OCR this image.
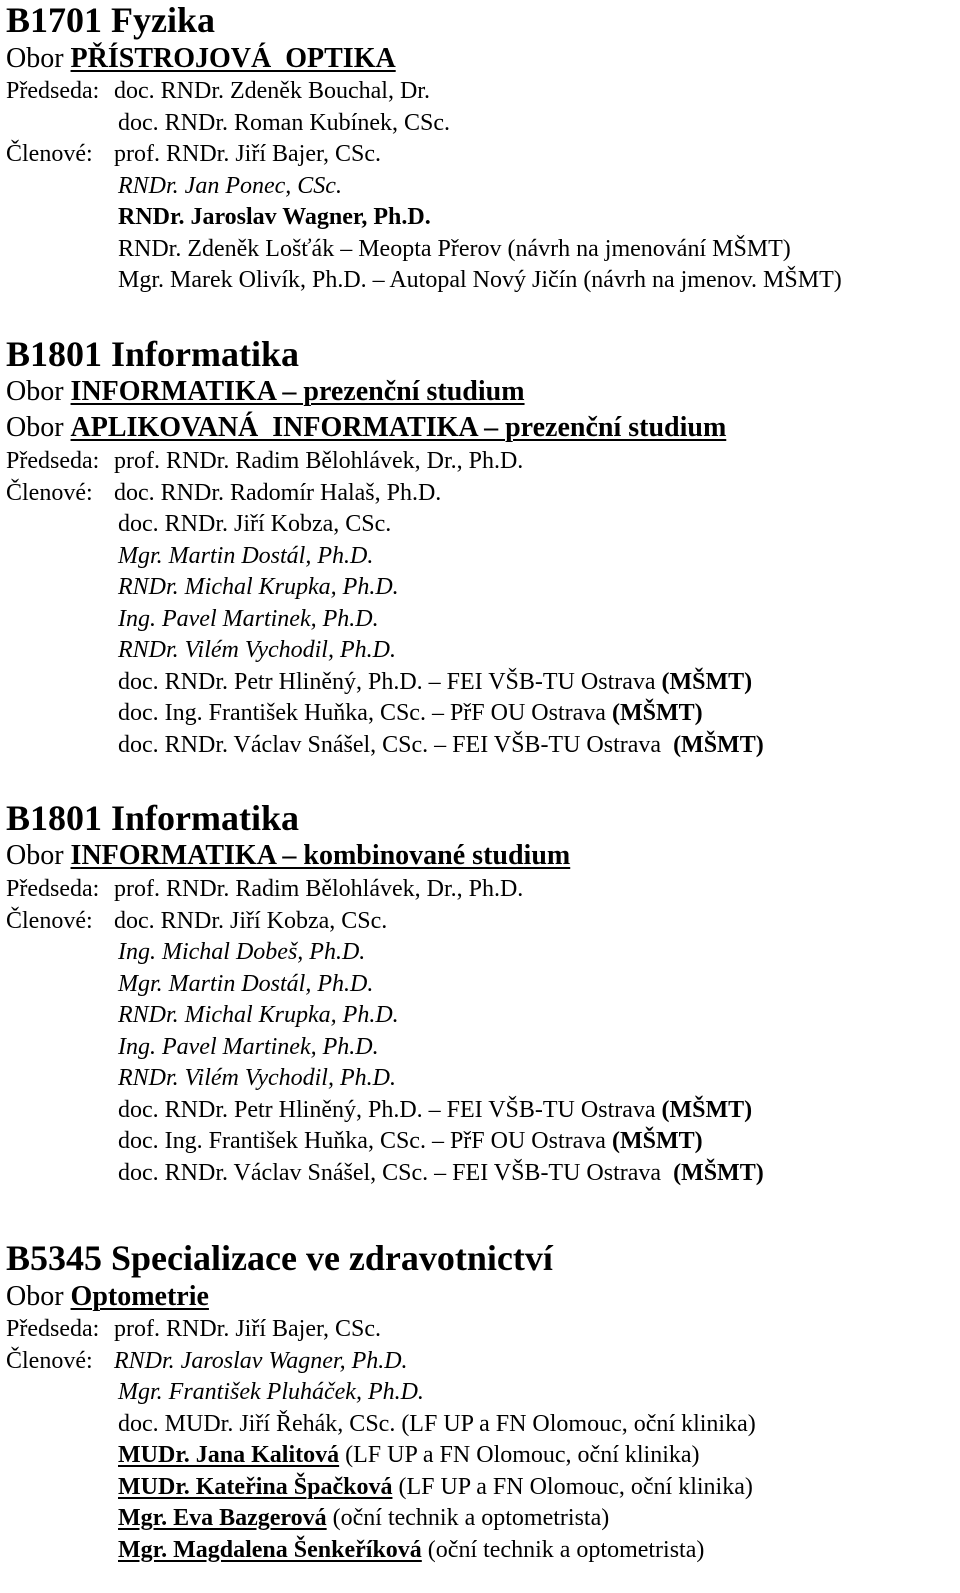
B1701 Fyzika
Obor PŘÍSTROJOVÁ  OPTIKA
Předseda: doc. RNDr. Zdeněk Bouchal, Dr.
doc. RNDr. Roman Kubínek, CSc.
Členové: prof. RNDr. Jiří Bajer, CSc.
RNDr. Jan Ponec, CSc.
RNDr. Jaroslav Wagner, Ph.D.
RNDr. Zdeněk Lošťák – Meopta Přerov (návrh na jmenování MŠMT)
Mgr. Marek Olivík, Ph.D. – Autopal Nový Jičín (návrh na jmenov. MŠMT)
B1801 Informatika
Obor INFORMATIKA – prezenční studium
Obor APLIKOVANÁ  INFORMATIKA – prezenční studium
Předseda: prof. RNDr. Radim Bělohlávek, Dr., Ph.D.
Členové: doc. RNDr. Radomír Halaš, Ph.D.
doc. RNDr. Jiří Kobza, CSc.
Mgr. Martin Dostál, Ph.D.
RNDr. Michal Krupka, Ph.D.
Ing. Pavel Martinek, Ph.D.
RNDr. Vilém Vychodil, Ph.D.
doc. RNDr. Petr Hliněný, Ph.D. – FEI VŠB-TU Ostrava (MŠMT)
doc. Ing. František Huňka, CSc. – PřF OU Ostrava (MŠMT)
doc. RNDr. Václav Snášel, CSc. – FEI VŠB-TU Ostrava  (MŠMT)
B1801 Informatika
Obor INFORMATIKA – kombinované studium
Předseda: prof. RNDr. Radim Bělohlávek, Dr., Ph.D.
Členové: doc. RNDr. Jiří Kobza, CSc.
Ing. Michal Dobeš, Ph.D.
Mgr. Martin Dostál, Ph.D.
RNDr. Michal Krupka, Ph.D.
Ing. Pavel Martinek, Ph.D.
RNDr. Vilém Vychodil, Ph.D.
doc. RNDr. Petr Hliněný, Ph.D. – FEI VŠB-TU Ostrava (MŠMT)
doc. Ing. František Huňka, CSc. – PřF OU Ostrava (MŠMT)
doc. RNDr. Václav Snášel, CSc. – FEI VŠB-TU Ostrava  (MŠMT)
B5345 Specializace ve zdravotnictví
Obor Optometrie
Předseda: prof. RNDr. Jiří Bajer, CSc.
Členové: RNDr. Jaroslav Wagner, Ph.D.
Mgr. František Pluháček, Ph.D.
doc. MUDr. Jiří Řehák, CSc. (LF UP a FN Olomouc, oční klinika)
MUDr. Jana Kalitová (LF UP a FN Olomouc, oční klinika)
MUDr. Kateřina Špačková (LF UP a FN Olomouc, oční klinika)
Mgr. Eva Bazgerová (oční technik a optometrista)
Mgr. Magdalena Šenkeříková (oční technik a optometrista)
